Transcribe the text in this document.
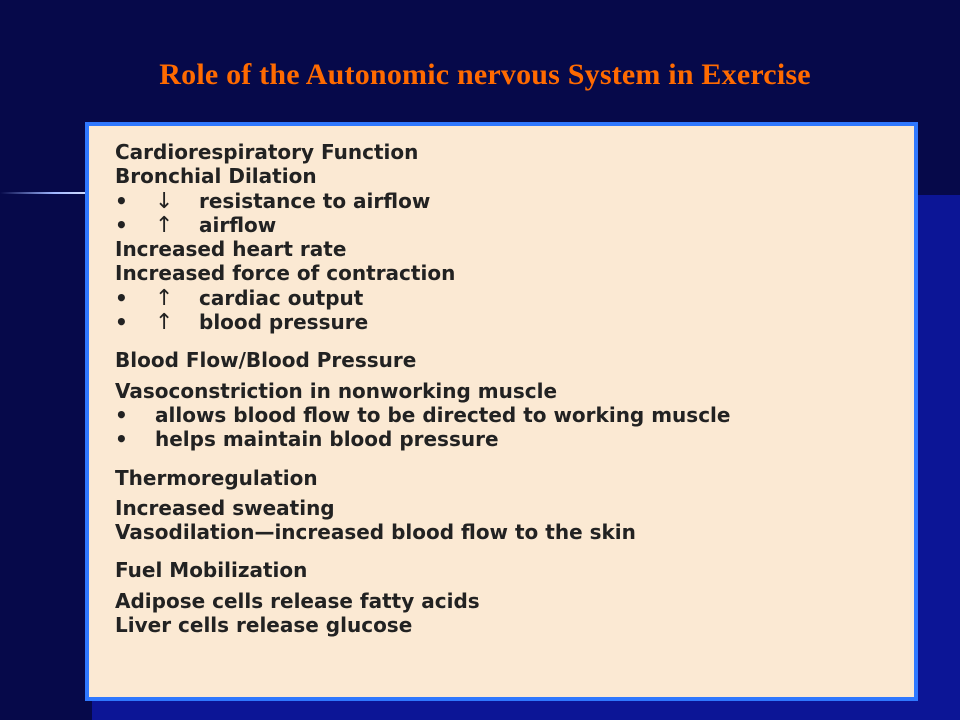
Role of the Autonomic nervous System in Exercise
Cardiorespiratory Function
Bronchial Dilation
• ↓ resistance to airflow
• ↑ airflow
Increased heart rate
Increased force of contraction
• ↑ cardiac output
• ↑ blood pressure
Blood Flow/Blood Pressure
Vasoconstriction in nonworking muscle
• allows blood flow to be directed to working muscle
• helps maintain blood pressure
Thermoregulation
Increased sweating
Vasodilation—increased blood flow to the skin
Fuel Mobilization
Adipose cells release fatty acids
Liver cells release glucose
